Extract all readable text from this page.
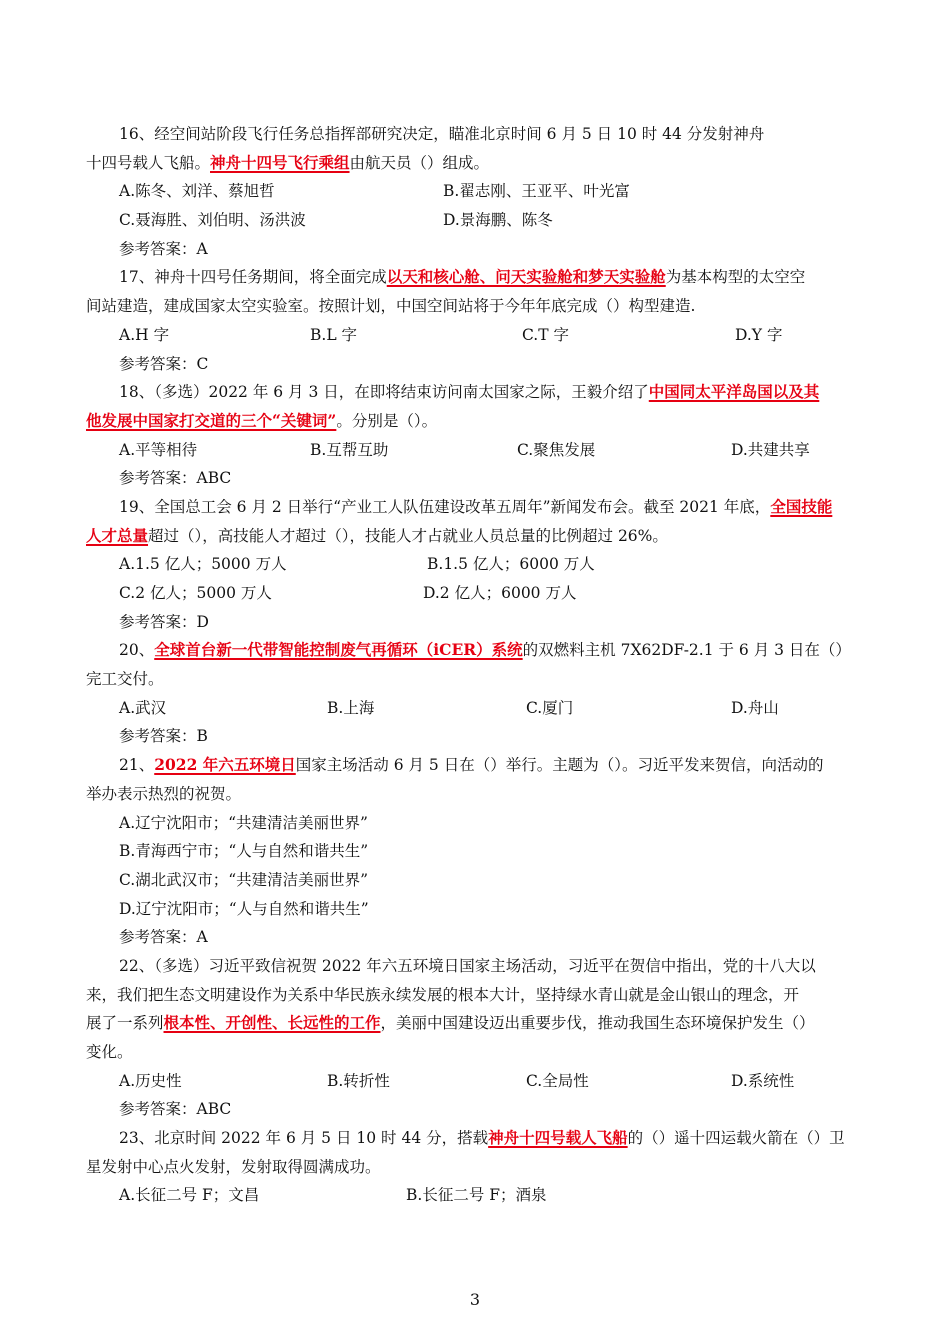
16、经空间站阶段飞行任务总指挥部研究决定，瞄准北京时间 6 月 5 日 10 时 44 分发射神舟
十四号载人飞船。神舟十四号飞行乘组由航天员（）组成。
A.陈冬、刘洋、蔡旭哲	B.翟志刚、王亚平、叶光富
C.聂海胜、刘伯明、汤洪波	D.景海鹏、陈冬
参考答案：A
17、神舟十四号任务期间，将全面完成以天和核心舱、问天实验舱和梦天实验舱为基本构型的太空空
间站建造，建成国家太空实验室。按照计划，中国空间站将于今年年底完成（）构型建造.
A.H 字	B.L 字	C.T 字	D.Y 字
参考答案：C
18、（多选）2022 年 6 月 3 日，在即将结束访问南太国家之际，王毅介绍了中国同太平洋岛国以及其
他发展中国家打交道的三个“关键词”。分别是（）。
A.平等相待	B.互帮互助	C.聚焦发展	D.共建共享
参考答案：ABC
19、全国总工会 6 月 2 日举行“产业工人队伍建设改革五周年”新闻发布会。截至 2021 年底，全国技能
人才总量超过（），高技能人才超过（），技能人才占就业人员总量的比例超过 26%。
A.1.5 亿人；5000 万人	B.1.5 亿人；6000 万人
C.2 亿人；5000 万人	D.2 亿人；6000 万人
参考答案：D
20、全球首台新一代带智能控制废气再循环（iCER）系统的双燃料主机 7X62DF-2.1 于 6 月 3 日在（）
完工交付。
A.武汉	B.上海	C.厦门	D.舟山
参考答案：B
21、2022 年六五环境日国家主场活动 6 月 5 日在（）举行。主题为（）。习近平发来贺信，向活动的
举办表示热烈的祝贺。
A.辽宁沈阳市；“共建清洁美丽世界”
B.青海西宁市；“人与自然和谐共生”
C.湖北武汉市；“共建清洁美丽世界”
D.辽宁沈阳市；“人与自然和谐共生”
参考答案：A
22、（多选）习近平致信祝贺 2022 年六五环境日国家主场活动，习近平在贺信中指出，党的十八大以
来，我们把生态文明建设作为关系中华民族永续发展的根本大计，坚持绿水青山就是金山银山的理念，开
展了一系列根本性、开创性、长远性的工作，美丽中国建设迈出重要步伐，推动我国生态环境保护发生（）
变化。
A.历史性	B.转折性	C.全局性	D.系统性
参考答案：ABC
23、北京时间 2022 年 6 月 5 日 10 时 44 分，搭载神舟十四号载人飞船的（）遥十四运载火箭在（）卫
星发射中心点火发射，发射取得圆满成功。
A.长征二号 F；文昌	B.长征二号 F；酒泉
3
